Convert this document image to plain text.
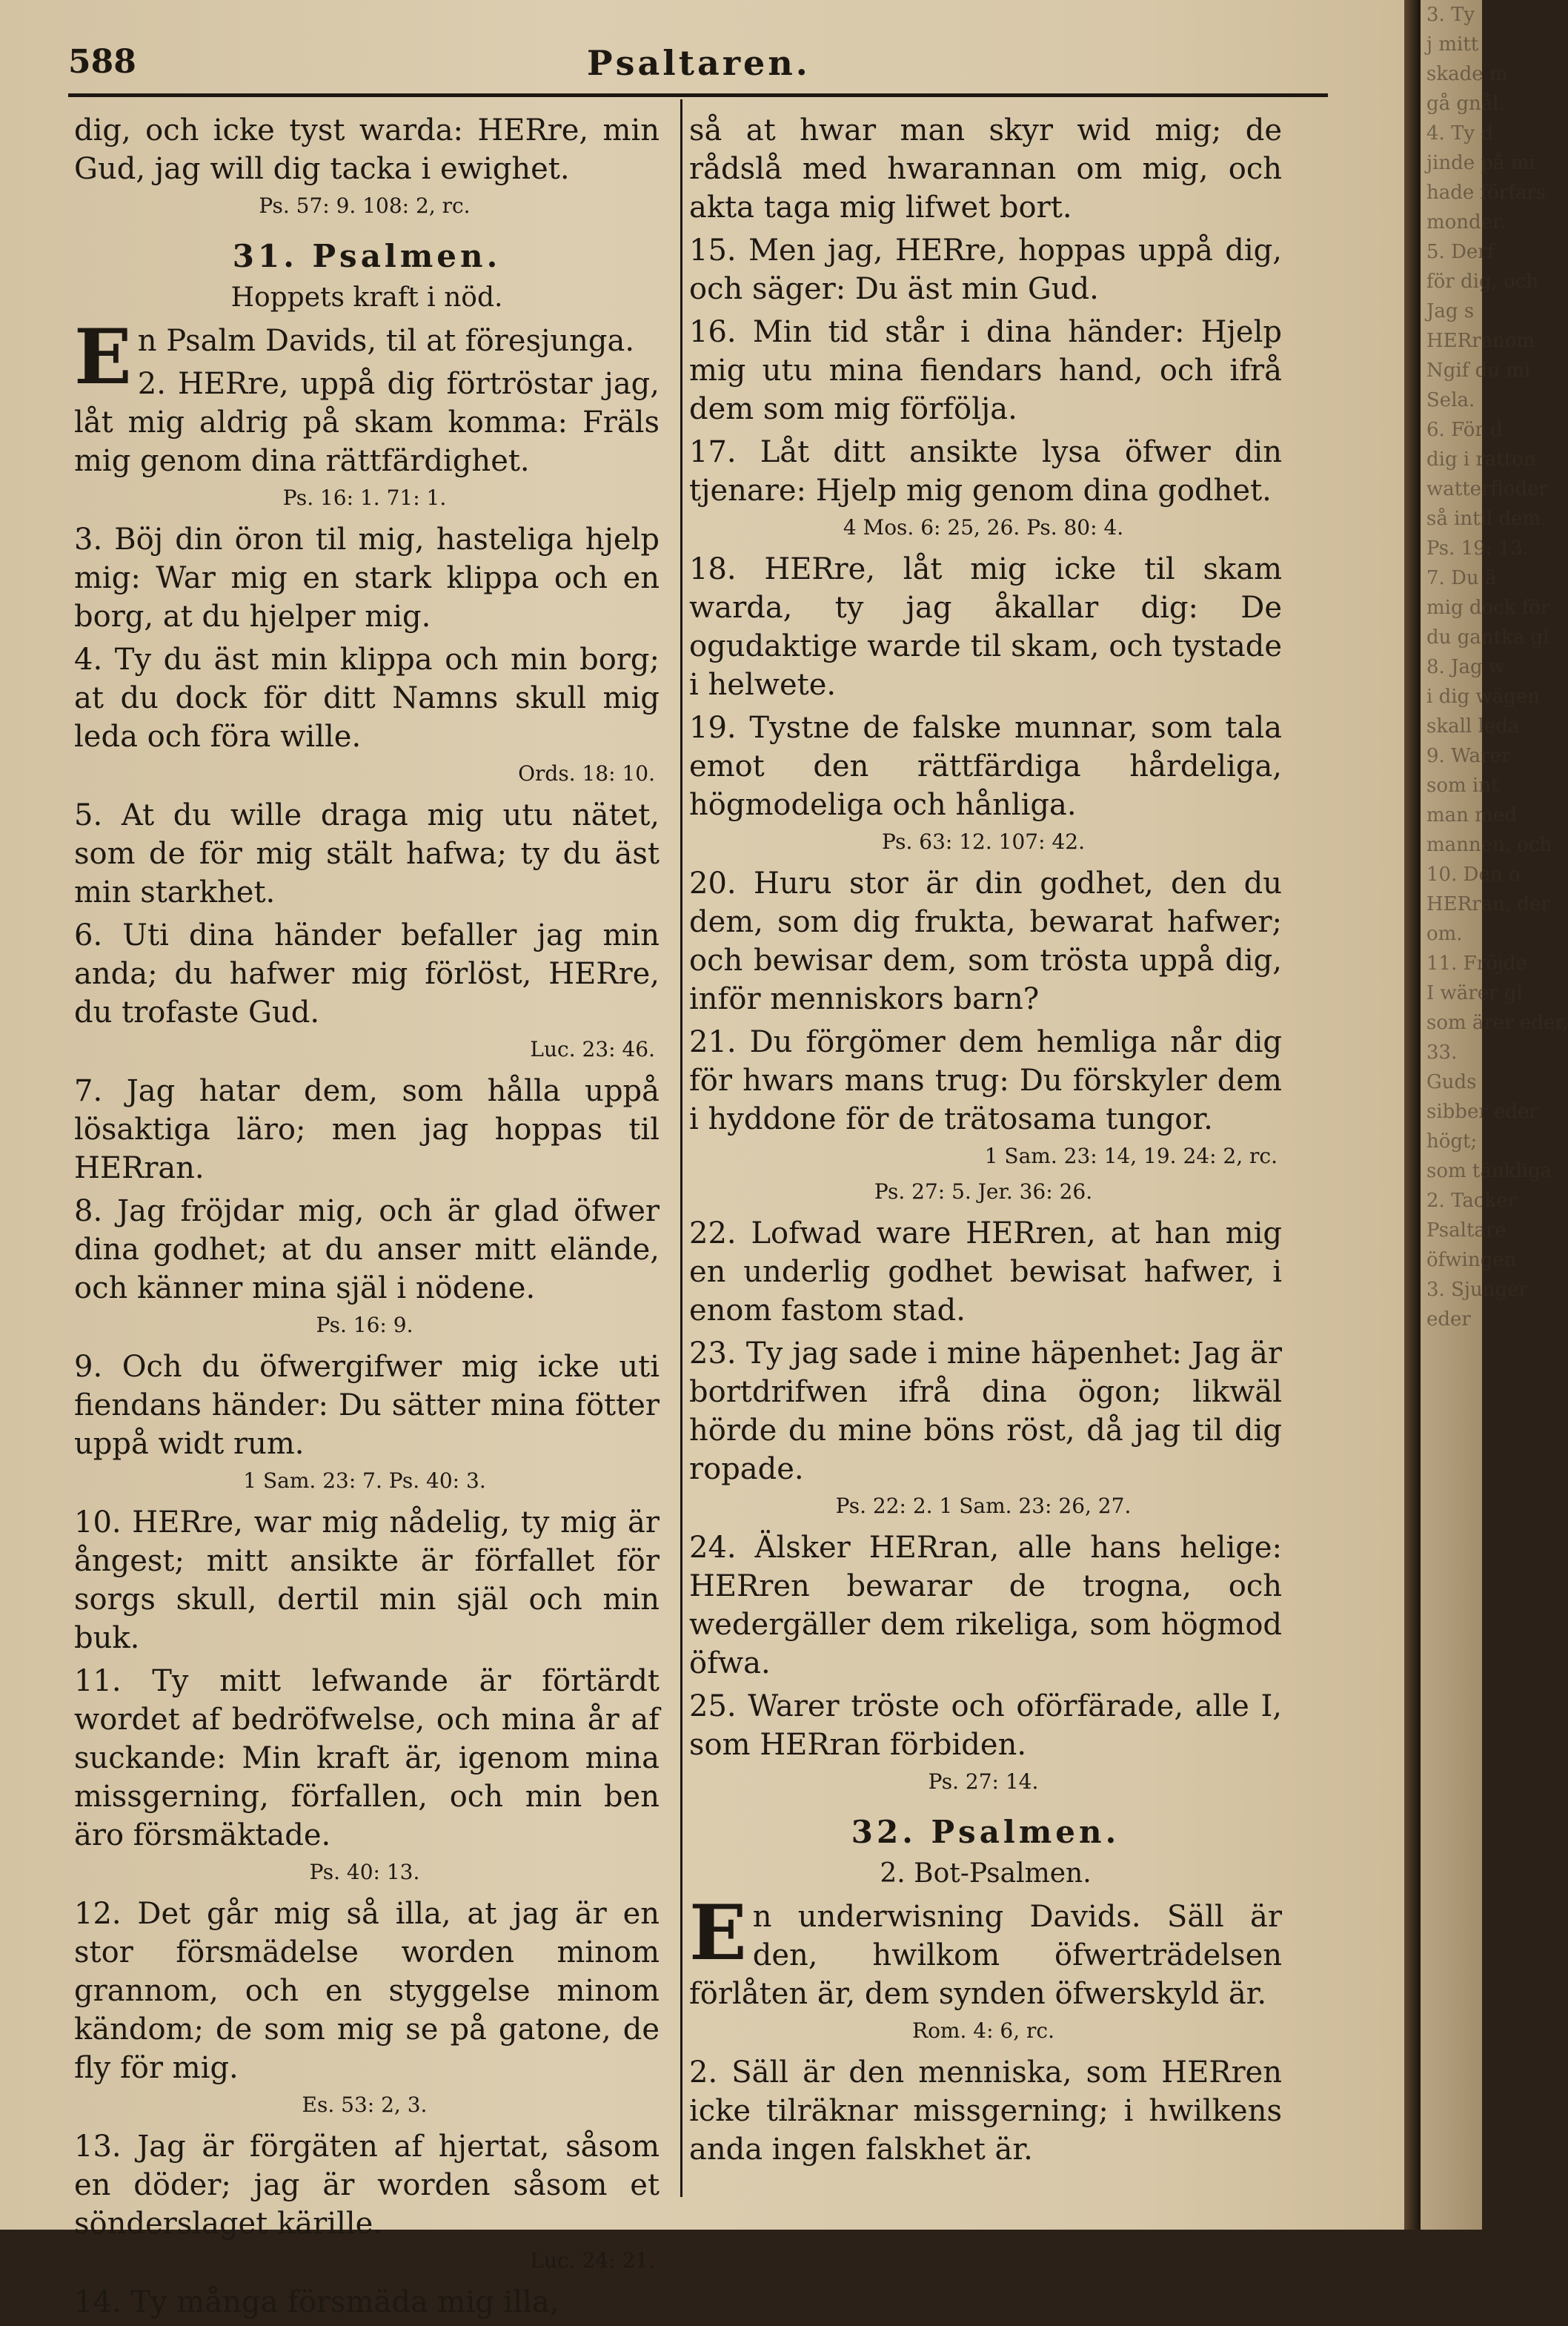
588	Psaltaren.

dig, och icke tyst warda: HERre, min Gud, jag will dig tacka i ewighet.

Ps. 57: 9. 108: 2, rc.
31. Psalmen.
Hoppets kraft i nöd.

En Psalm Davids, til at föresjunga.

2. HERre, uppå dig förtröstar jag, låt mig aldrig på skam komma: Fräls mig genom dina rättfärdighet.

Ps. 16: 1. 71: 1.

3. Böj din öron til mig, hasteliga hjelp mig: War mig en stark klippa och en borg, at du hjelper mig.

4. Ty du äst min klippa och min borg; at du dock för ditt Namns skull mig leda och föra wille.

Ords. 18: 10.

5. At du wille draga mig utu nätet, som de för mig stält hafwa; ty du äst min starkhet.

6. Uti dina händer befaller jag min anda; du hafwer mig förlöst, HERre, du trofaste Gud.

Luc. 23: 46.

7. Jag hatar dem, som hålla uppå lösaktiga läro; men jag hoppas til HERran.

8. Jag fröjdar mig, och är glad öfwer dina godhet; at du anser mitt elände, och känner mina själ i nödene.

Ps. 16: 9.

9. Och du öfwergifwer mig icke uti fiendans händer: Du sätter mina fötter uppå widt rum.

1 Sam. 23: 7. Ps. 40: 3.

10. HERre, war mig nådelig, ty mig är ångest; mitt ansikte är förfallet för sorgs skull, dertil min själ och min buk.

11. Ty mitt lefwande är förtärdt wordet af bedröfwelse, och mina år af suckande: Min kraft är, igenom mina missgerning, förfallen, och min ben äro försmäktade.

Ps. 40: 13.

12. Det går mig så illa, at jag är en stor försmädelse worden minom grannom, och en styggelse minom kändom; de som mig se på gatone, de fly för mig.

Es. 53: 2, 3.

13. Jag är förgäten af hjertat, såsom en döder; jag är worden såsom et sönderslaget kärille.

Luc. 24: 21.

14. Ty många försmäda mig illa,

så at hwar man skyr wid mig; de rådslå med hwarannan om mig, och akta taga mig lifwet bort.

15. Men jag, HERre, hoppas uppå dig, och säger: Du äst min Gud.

16. Min tid står i dina händer: Hjelp mig utu mina fiendars hand, och ifrå dem som mig förfölja.

17. Låt ditt ansikte lysa öfwer din tjenare: Hjelp mig genom dina godhet.

4 Mos. 6: 25, 26. Ps. 80: 4.

18. HERre, låt mig icke til skam warda, ty jag åkallar dig: De ogudaktige warde til skam, och tystade i helwete.

19. Tystne de falske munnar, som tala emot den rättfärdiga hårdeliga, högmodeliga och hånliga.

Ps. 63: 12. 107: 42.

20. Huru stor är din godhet, den du dem, som dig frukta, bewarat hafwer; och bewisar dem, som trösta uppå dig, inför menniskors barn?

21. Du förgömer dem hemliga når dig för hwars mans trug: Du förskyler dem i hyddone för de trätosama tungor.

1 Sam. 23: 14, 19. 24: 2, rc.
Ps. 27: 5. Jer. 36: 26.

22. Lofwad ware HERren, at han mig en underlig godhet bewisat hafwer, i enom fastom stad.

23. Ty jag sade i mine häpenhet: Jag är bortdrifwen ifrå dina ögon; likwäl hörde du mine böns röst, då jag til dig ropade.

Ps. 22: 2. 1 Sam. 23: 26, 27.

24. Älsker HERran, alle hans helige: HERren bewarar de trogna, och wedergäller dem rikeliga, som högmod öfwa.

25. Warer tröste och oförfärade, alle I, som HERran förbiden.

Ps. 27: 14.
32. Psalmen.
2. Bot-Psalmen.

En underwisning Davids. Säll är den, hwilkom öfwerträdelsen förlåten är, dem synden öfwerskyld är.

Rom. 4: 6, rc.

2. Säll är den menniska, som HERren icke tilräknar missgerning; i hwilkens anda ingen falskhet är.

3. Ty
j mitt
skade m
gå gnål.
4. Ty d
jinde på mi
hade förfars
monder.
5. Derf
för dig, och
Jag s
HERranom
Ngif du mi
Sela.
6. För d
dig i ratton
watterfloder
så intil dem.
Ps. 19: 13.
7. Du ä
mig dock för
du gantka gl
8. Jag w
i dig wägen
skall leda
9. Warer
som int
man med
mannen, och
10. Den o
HERran, der
om.
11. Fröjde
I wärer gl
som ärer eder,
33.
Guds
sibber eder
högt;
som tänkliga
2. Tacker
Psaltare
öfwingen
3. Sjunger
eder
